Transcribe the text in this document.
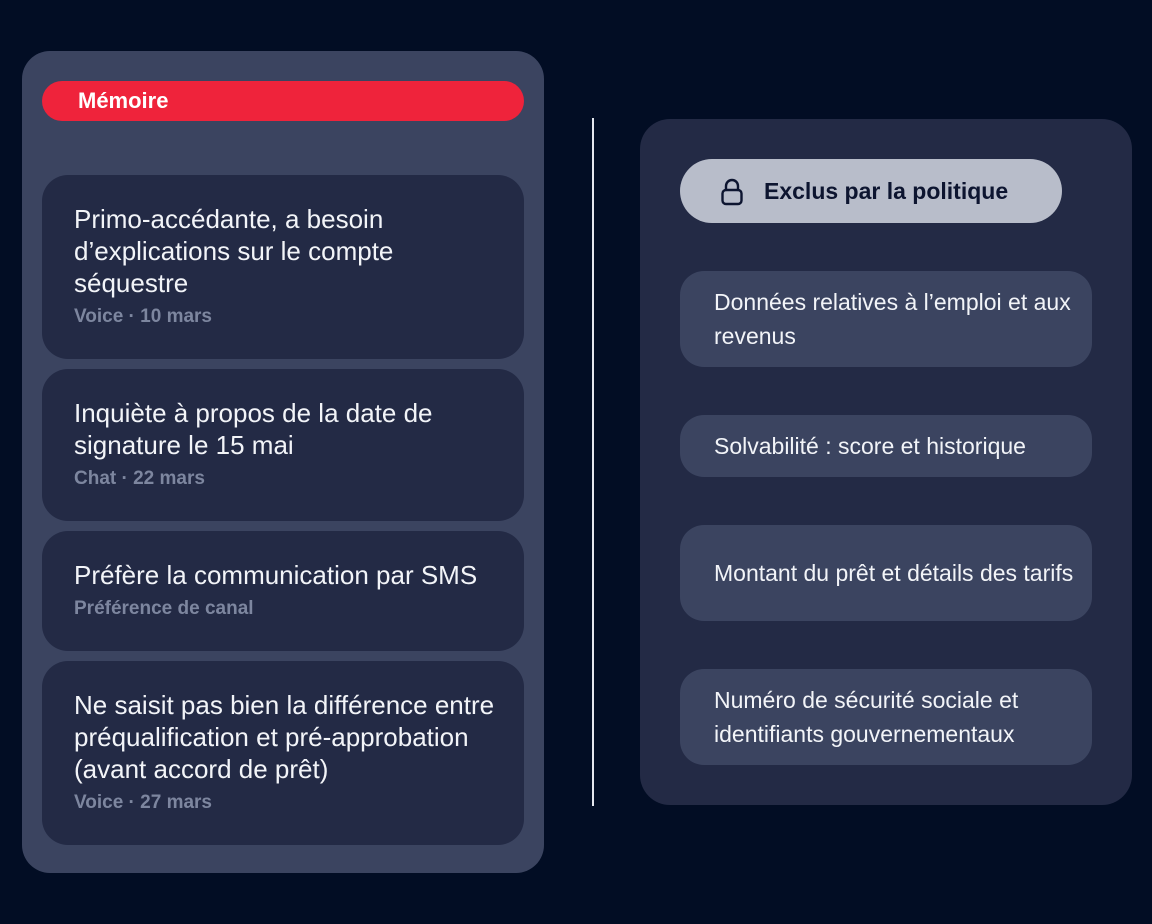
Mémoire
Primo-accédante, a besoin d’explications sur le compte séquestre
Voice · 10 mars
Inquiète à propos de la date de signature le 15 mai
Chat · 22 mars
Préfère la communication par SMS
Préférence de canal
Ne saisit pas bien la différence entre préqualification et pré-approbation (avant accord de prêt)
Voice · 27 mars
Exclus par la politique
Données relatives à l’emploi et aux revenus
Solvabilité : score et historique
Montant du prêt et détails des tarifs
Numéro de sécurité sociale et identifiants gouvernementaux
